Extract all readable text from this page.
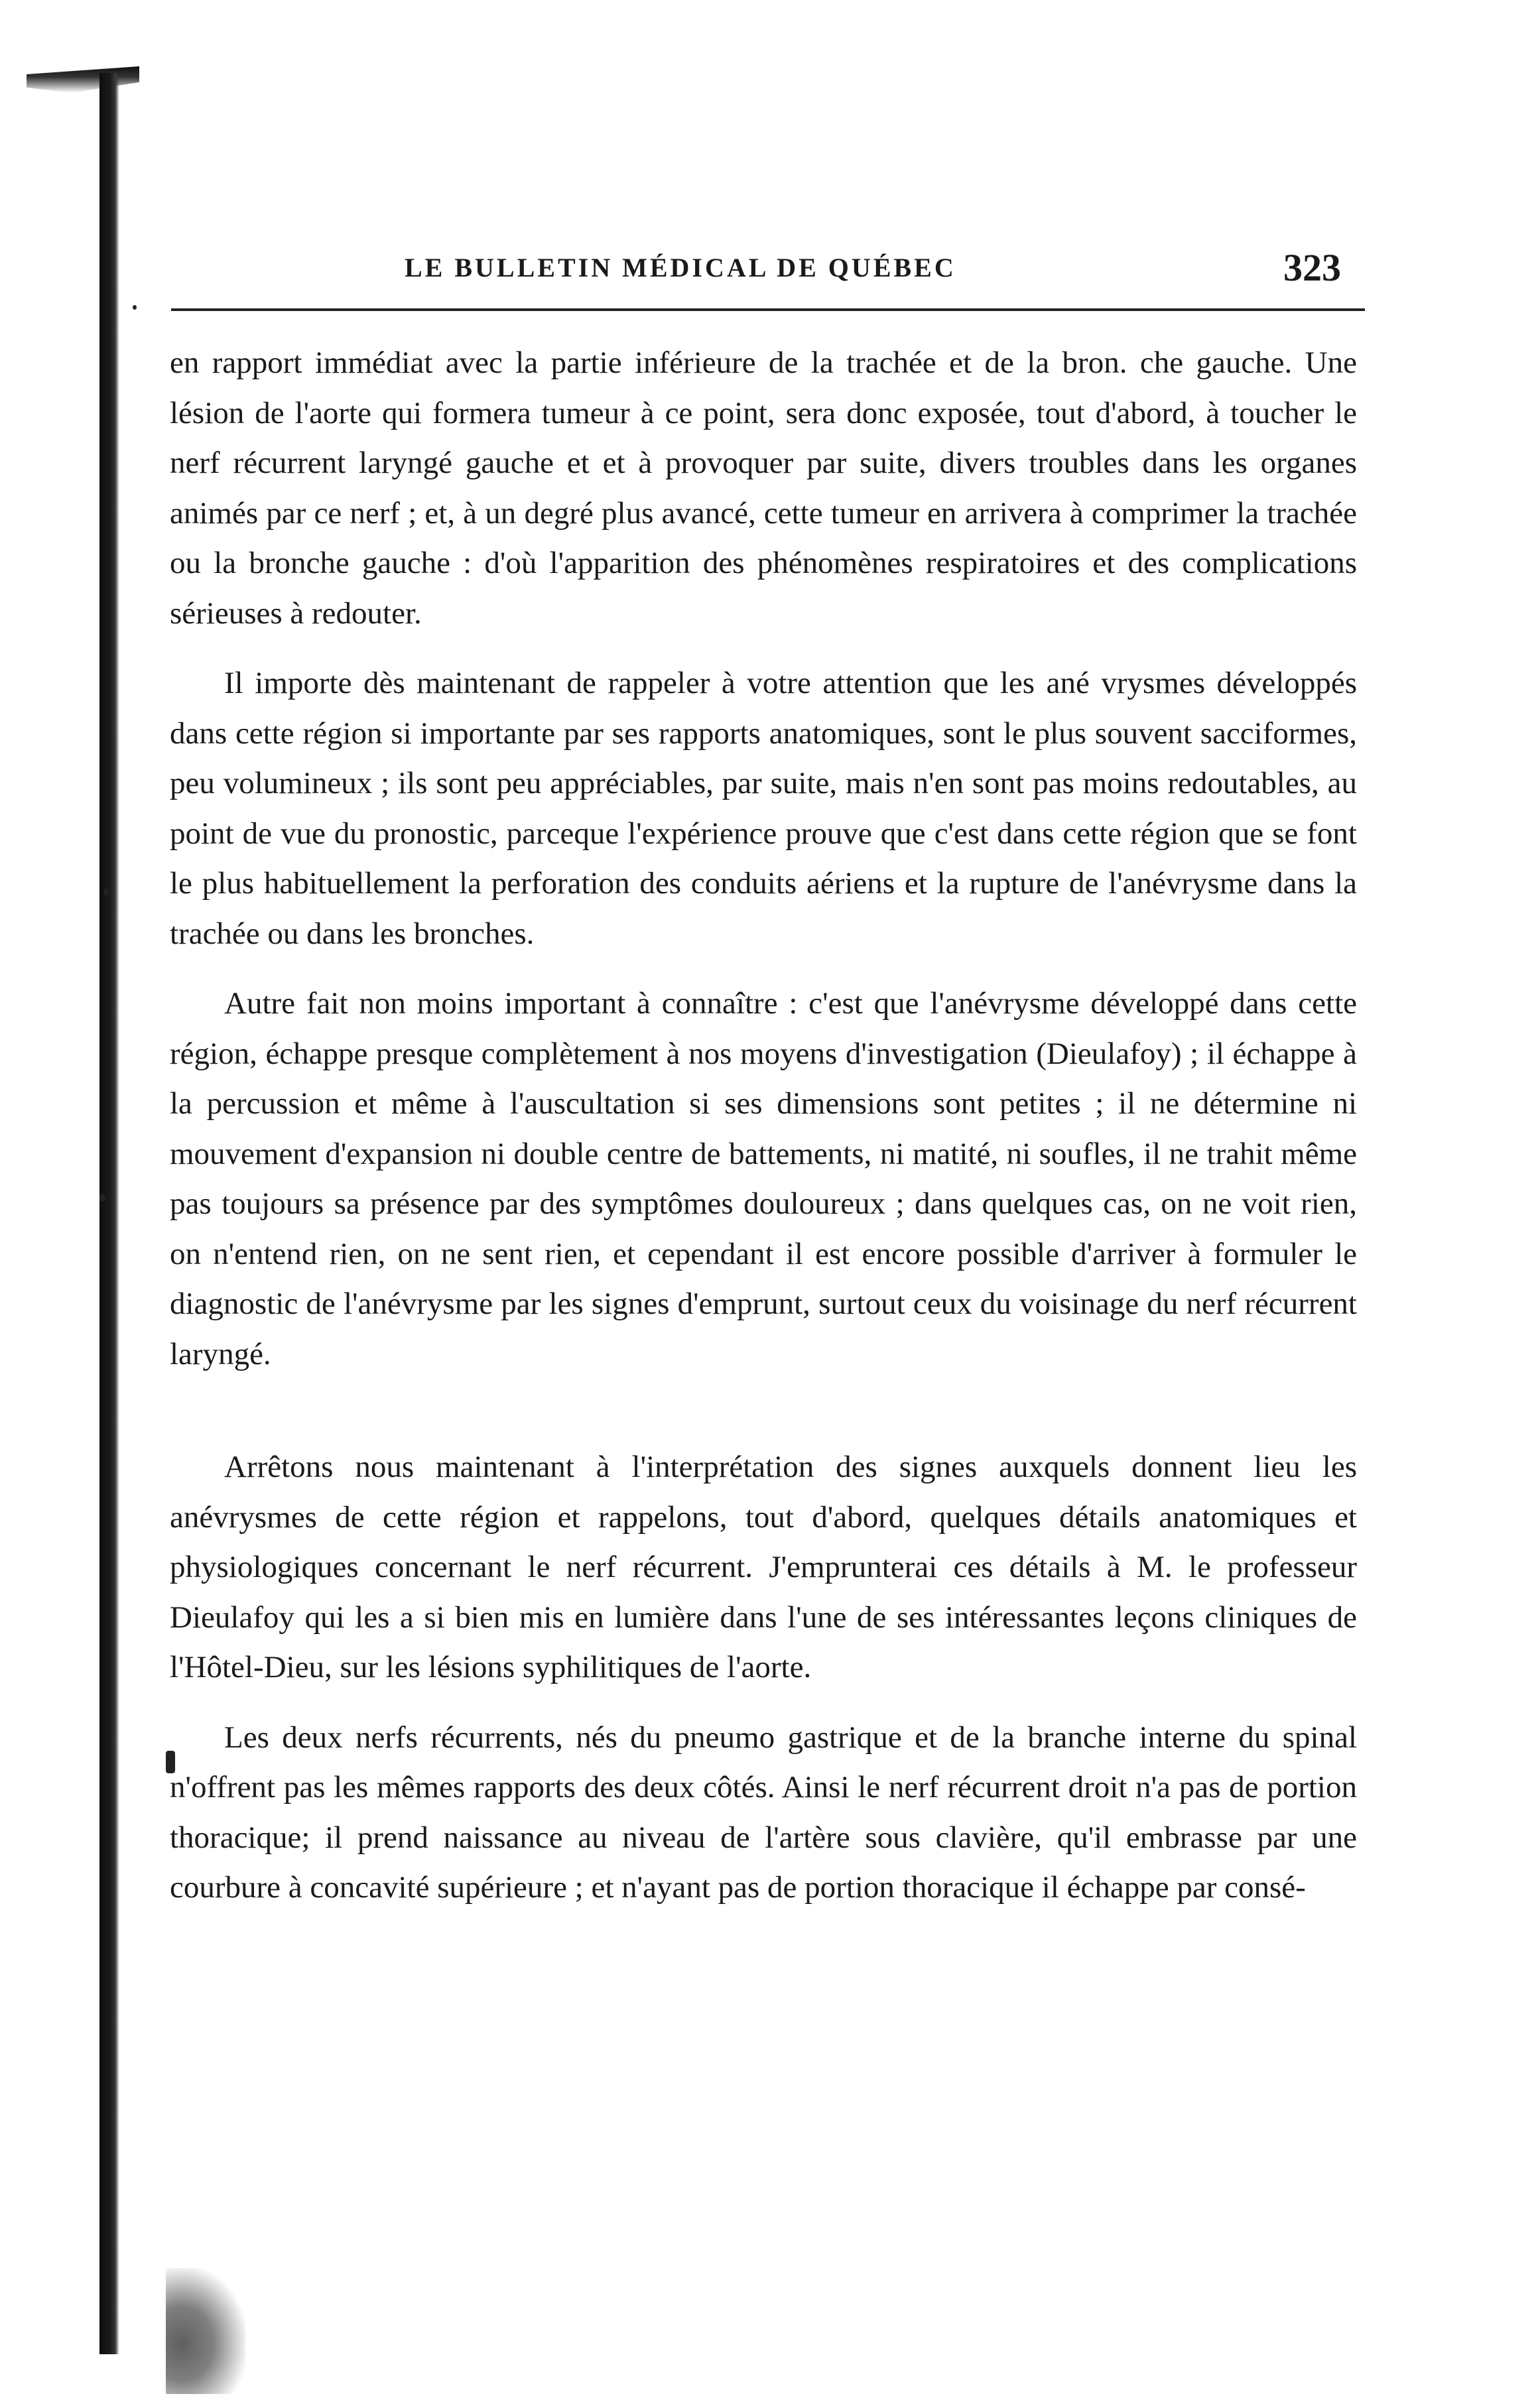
LE BULLETIN MÉDICAL DE QUÉBEC	323

en rapport immédiat avec la partie inférieure de la trachée et de la bron. che gauche. Une lésion de l'aorte qui formera tumeur à ce point, sera donc exposée, tout d'abord, à toucher le nerf récurrent laryngé gauche et et à provoquer par suite, divers troubles dans les organes animés par ce nerf ; et, à un degré plus avancé, cette tumeur en arrivera à comprimer la trachée ou la bronche gauche : d'où l'apparition des phénomènes respiratoires et des complications sérieuses à redouter.

Il importe dès maintenant de rappeler à votre attention que les ané vrysmes développés dans cette région si importante par ses rapports anatomiques, sont le plus souvent sacciformes, peu volumineux ; ils sont peu appréciables, par suite, mais n'en sont pas moins redoutables, au point de vue du pronostic, parceque l'expérience prouve que c'est dans cette région que se font le plus habituellement la perforation des conduits aériens et la rupture de l'anévrysme dans la trachée ou dans les bronches.

Autre fait non moins important à connaître : c'est que l'anévrysme développé dans cette région, échappe presque complètement à nos moyens d'investigation (Dieulafoy) ; il échappe à la percussion et même à l'auscultation si ses dimensions sont petites ; il ne détermine ni mouvement d'expansion ni double centre de battements, ni matité, ni soufles, il ne trahit même pas toujours sa présence par des symptômes douloureux ; dans quelques cas, on ne voit rien, on n'entend rien, on ne sent rien, et cependant il est encore possible d'arriver à formuler le diagnostic de l'anévrysme par les signes d'emprunt, surtout ceux du voisinage du nerf récurrent laryngé.

Arrêtons nous maintenant à l'interprétation des signes auxquels donnent lieu les anévrysmes de cette région et rappelons, tout d'abord, quelques détails anatomiques et physiologiques concernant le nerf récurrent. J'emprunterai ces détails à M. le professeur Dieulafoy qui les a si bien mis en lumière dans l'une de ses intéressantes leçons cliniques de l'Hôtel-Dieu, sur les lésions syphilitiques de l'aorte.

Les deux nerfs récurrents, nés du pneumo gastrique et de la branche interne du spinal n'offrent pas les mêmes rapports des deux côtés. Ainsi le nerf récurrent droit n'a pas de portion thoracique; il prend naissance au niveau de l'artère sous clavière, qu'il embrasse par une courbure à concavité supérieure ; et n'ayant pas de portion thoracique il échappe par consé-
